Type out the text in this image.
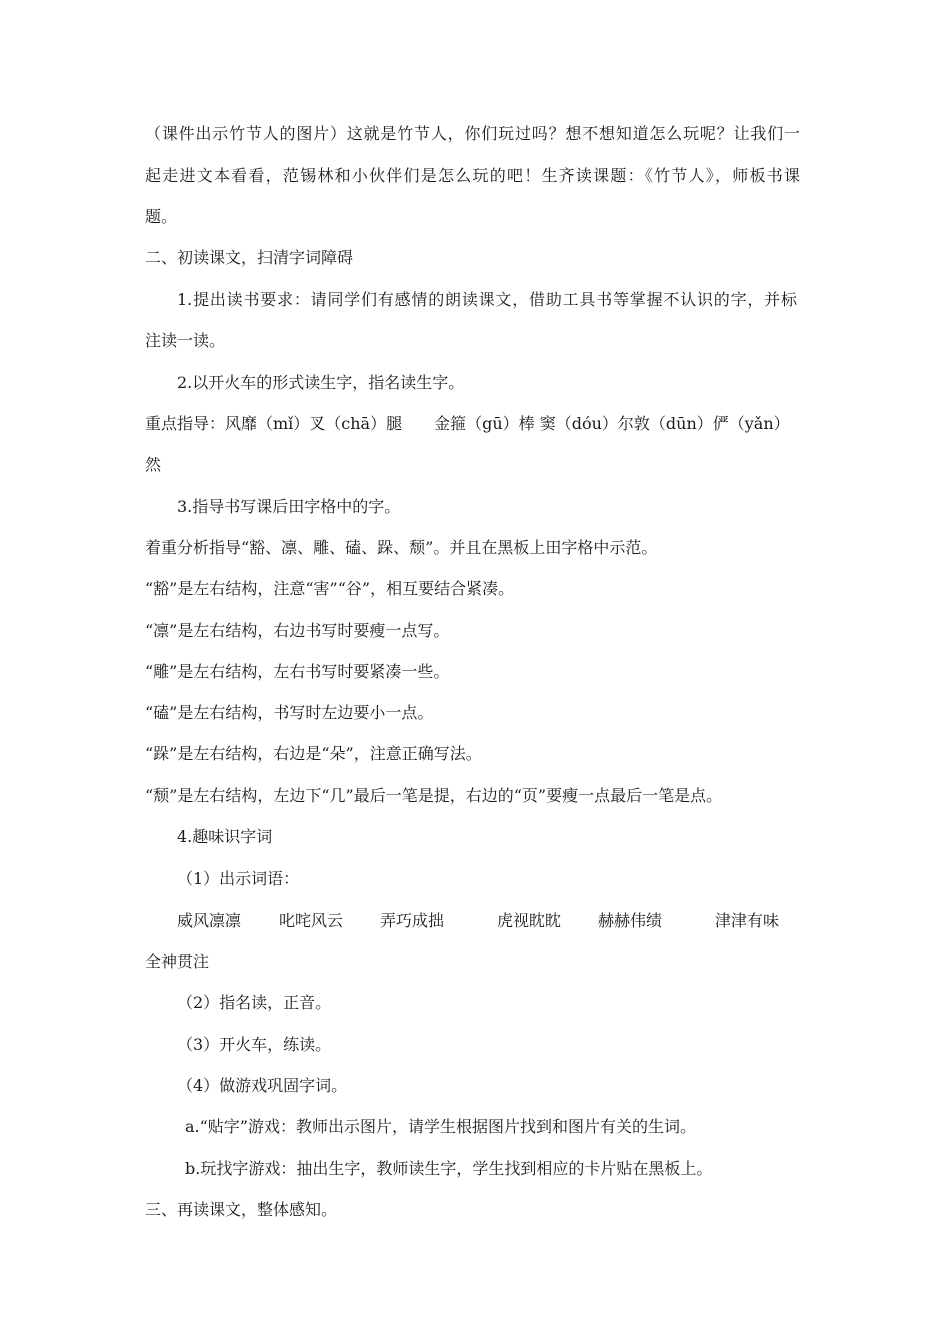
（课件出示竹节人的图片）这就是竹节人，你们玩过吗？想不想知道怎么玩呢？让我们一
起走进文本看看，范锡林和小伙伴们是怎么玩的吧！生齐读课题：《竹节人》，师板书课
题。
二、初读课文，扫清字词障碍
1.提出读书要求：请同学们有感情的朗读课文，借助工具书等掌握不认识的字，并标
注读一读。
2.以开火车的形式读生字，指名读生字。
重点指导：风靡（mǐ）叉（chā）腿　　金箍（gū）棒 窦（dóu）尔敦（dūn）俨（yǎn）
然
3.指导书写课后田字格中的字。
着重分析指导“豁、凛、雕、磕、跺、颓”。并且在黑板上田字格中示范。
“豁”是左右结构，注意“害”“谷”，相互要结合紧凑。
“凛”是左右结构，右边书写时要瘦一点写。
“雕”是左右结构，左右书写时要紧凑一些。
“磕”是左右结构，书写时左边要小一点。
“跺”是左右结构，右边是“朵”，注意正确写法。
“颓”是左右结构，左边下“几”最后一笔是提，右边的“页”要瘦一点最后一笔是点。
4.趣味识字词
（1）出示词语：
威风凛凛 叱咤风云 弄巧成拙	虎视眈眈 赫赫伟绩	津津有味
全神贯注
（2）指名读，正音。
（3）开火车，练读。
（4）做游戏巩固字词。
a.“贴字”游戏：教师出示图片，请学生根据图片找到和图片有关的生词。
b.玩找字游戏：抽出生字，教师读生字，学生找到相应的卡片贴在黑板上。
三、再读课文，整体感知。
